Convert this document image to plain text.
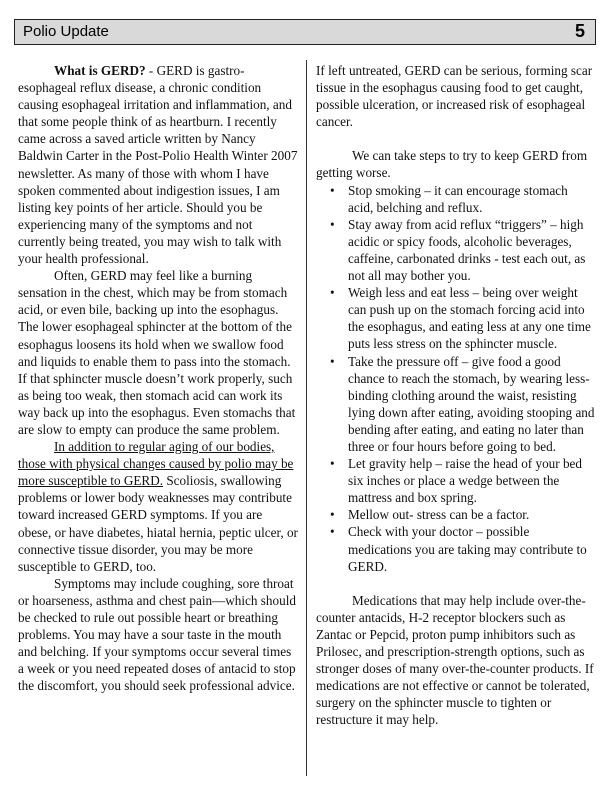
Polio Update	5

What is GERD? - GERD is gastro-esophageal reflux disease, a chronic condition causing esophageal irritation and inflammation, and that some people think of as heartburn. I recently came across a saved article written by Nancy Baldwin Carter in the Post-Polio Health Winter 2007 newsletter. As many of those with whom I have spoken commented about indigestion issues, I am listing key points of her article. Should you be experiencing many of the symptoms and not currently being treated, you may wish to talk with your health professional.

Often, GERD may feel like a burning sensation in the chest, which may be from stomach acid, or even bile, backing up into the esophagus. The lower esophageal sphincter at the bottom of the esophagus loosens its hold when we swallow food and liquids to enable them to pass into the stomach. If that sphincter muscle doesn’t work properly, such as being too weak, then stomach acid can work its way back up into the esophagus. Even stomachs that are slow to empty can produce the same problem.

In addition to regular aging of our bodies, those with physical changes caused by polio may be more susceptible to GERD. Scoliosis, swallowing problems or lower body weaknesses may contribute toward increased GERD symptoms. If you are obese, or have diabetes, hiatal hernia, peptic ulcer, or connective tissue disorder, you may be more susceptible to GERD, too.

Symptoms may include coughing, sore throat or hoarseness, asthma and chest pain—which should be checked to rule out possible heart or breathing problems. You may have a sour taste in the mouth and belching. If your symptoms occur several times a week or you need repeated doses of antacid to stop the discomfort, you should seek professional advice.

If left untreated, GERD can be serious, forming scar tissue in the esophagus causing food to get caught, possible ulceration, or increased risk of esophageal cancer.

We can take steps to try to keep GERD from getting worse.

• Stop smoking – it can encourage stomach acid, belching and reflux.
• Stay away from acid reflux “triggers” – high acidic or spicy foods, alcoholic beverages, caffeine, carbonated drinks - test each out, as not all may bother you.
• Weigh less and eat less – being over weight can push up on the stomach forcing acid into the esophagus, and eating less at any one time puts less stress on the sphincter muscle.
• Take the pressure off – give food a good chance to reach the stomach, by wearing less-binding clothing around the waist, resisting lying down after eating, avoiding stooping and bending after eating, and eating no later than three or four hours before going to bed.
• Let gravity help – raise the head of your bed six inches or place a wedge between the mattress and box spring.
• Mellow out- stress can be a factor.
• Check with your doctor – possible medications you are taking may contribute to GERD.

Medications that may help include over-the-counter antacids, H-2 receptor blockers such as Zantac or Pepcid, proton pump inhibitors such as Prilosec, and prescription-strength options, such as stronger doses of many over-the-counter products. If medications are not effective or cannot be tolerated, surgery on the sphincter muscle to tighten or restructure it may help.
